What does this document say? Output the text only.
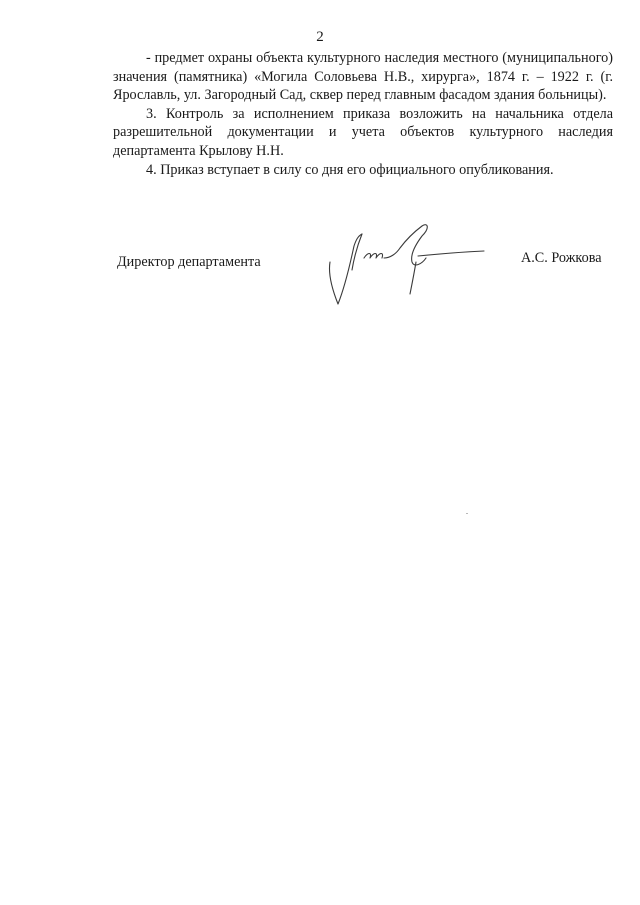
2

- предмет охраны объекта культурного наследия местного (муниципального) значения (памятника) «Могила Соловьева Н.В., хирурга», 1874 г. – 1922 г. (г. Ярославль, ул. Загородный Сад, сквер перед главным фасадом здания больницы).

3. Контроль за исполнением приказа возложить на начальника отдела разрешительной документации и учета объектов культурного наследия департамента Крылову Н.Н.

4. Приказ вступает в силу со дня его официального опубликования.

Директор департамента	А.С. Рожкова
